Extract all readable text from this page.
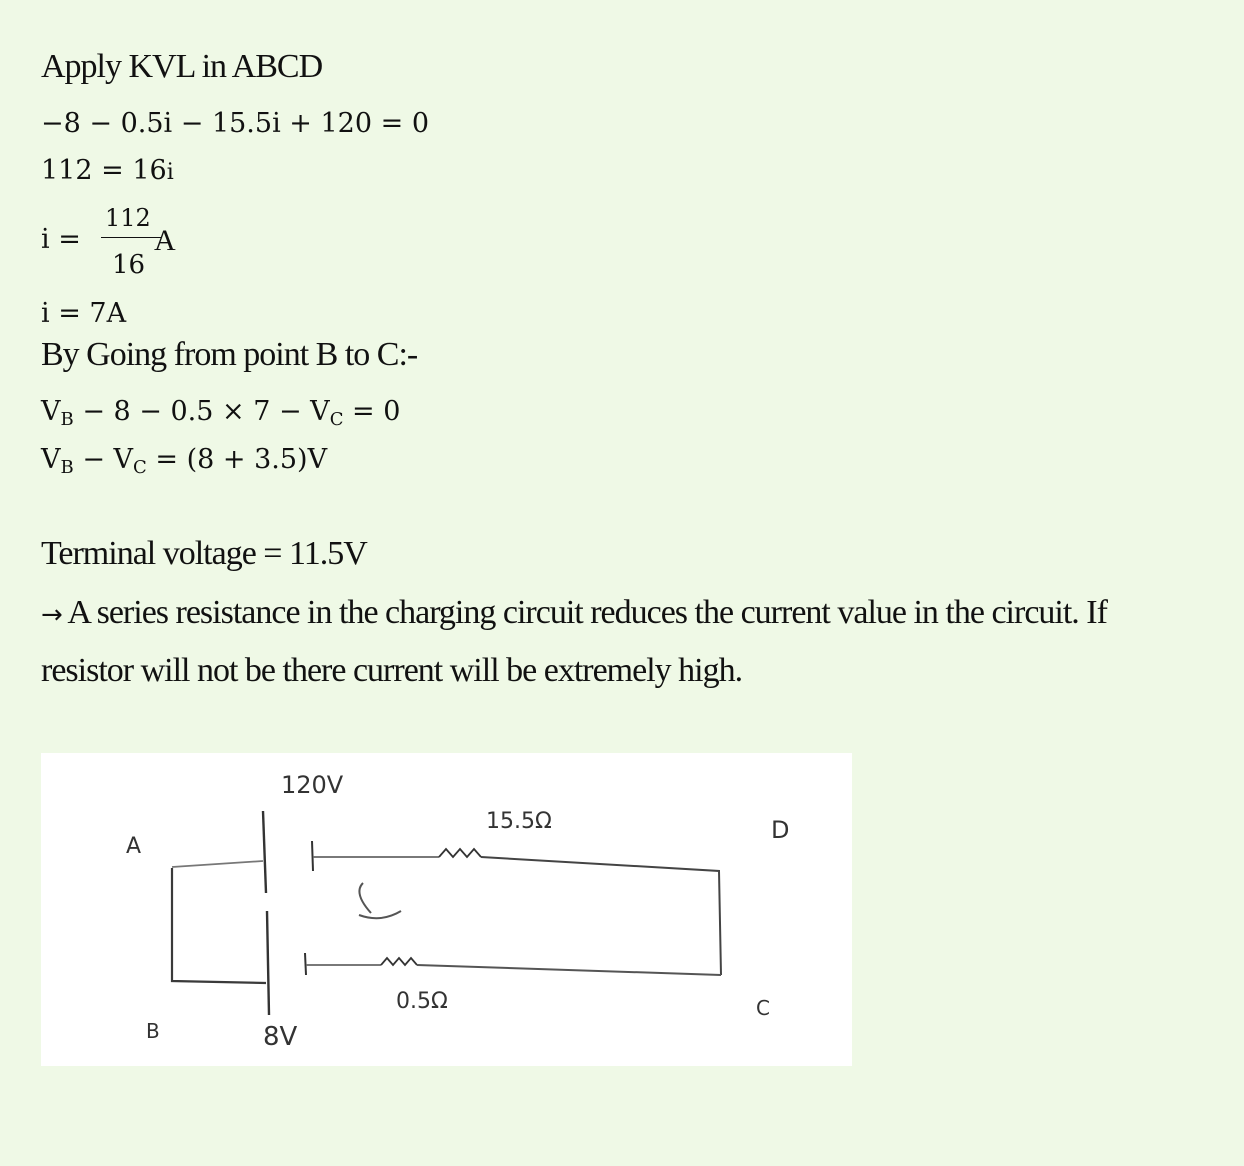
Apply KVL in ABCD
−8 − 0.5i − 15.5i + 120 = 0
112 = 16i
i =
112
16
A
i = 7A
By Going from point B to C:-
$V_B - 8 - 0.5 \times 7 - V_C = 0$
$V_B - V_C = (8 + 3.5)V$
Terminal voltage = 11.5V
→ A series resistance in the charging circuit reduces the current value in the circuit. If resistor will not be there current will be extremely high.
A
B
C
D
120V
8V
15.5Ω
0.5Ω
